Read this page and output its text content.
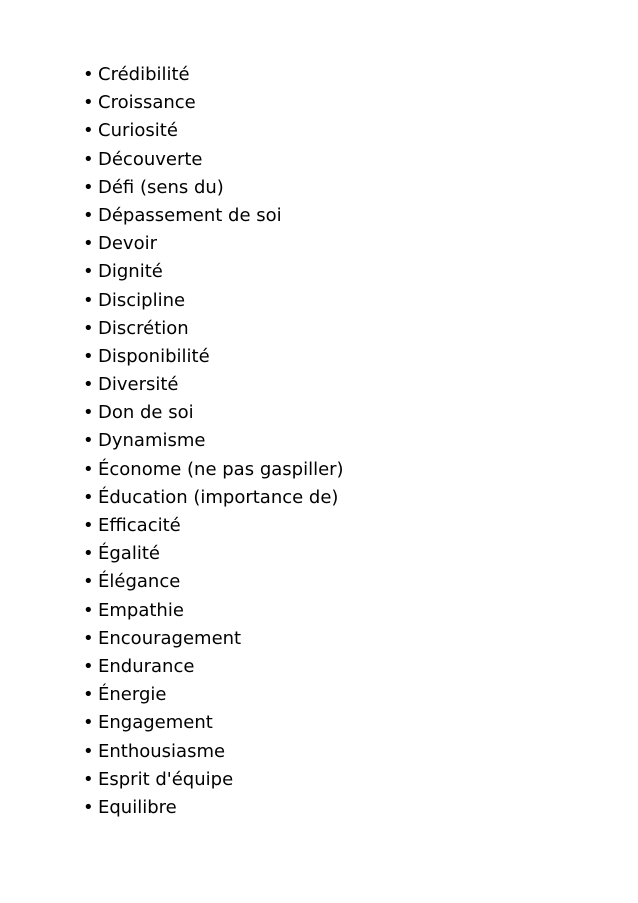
• Crédibilité
• Croissance
• Curiosité
• Découverte
• Défi (sens du)
• Dépassement de soi
• Devoir
• Dignité
• Discipline
• Discrétion
• Disponibilité
• Diversité
• Don de soi
• Dynamisme
• Économe (ne pas gaspiller)
• Éducation (importance de)
• Efficacité
• Égalité
• Élégance
• Empathie
• Encouragement
• Endurance
• Énergie
• Engagement
• Enthousiasme
• Esprit d'équipe
• Equilibre
